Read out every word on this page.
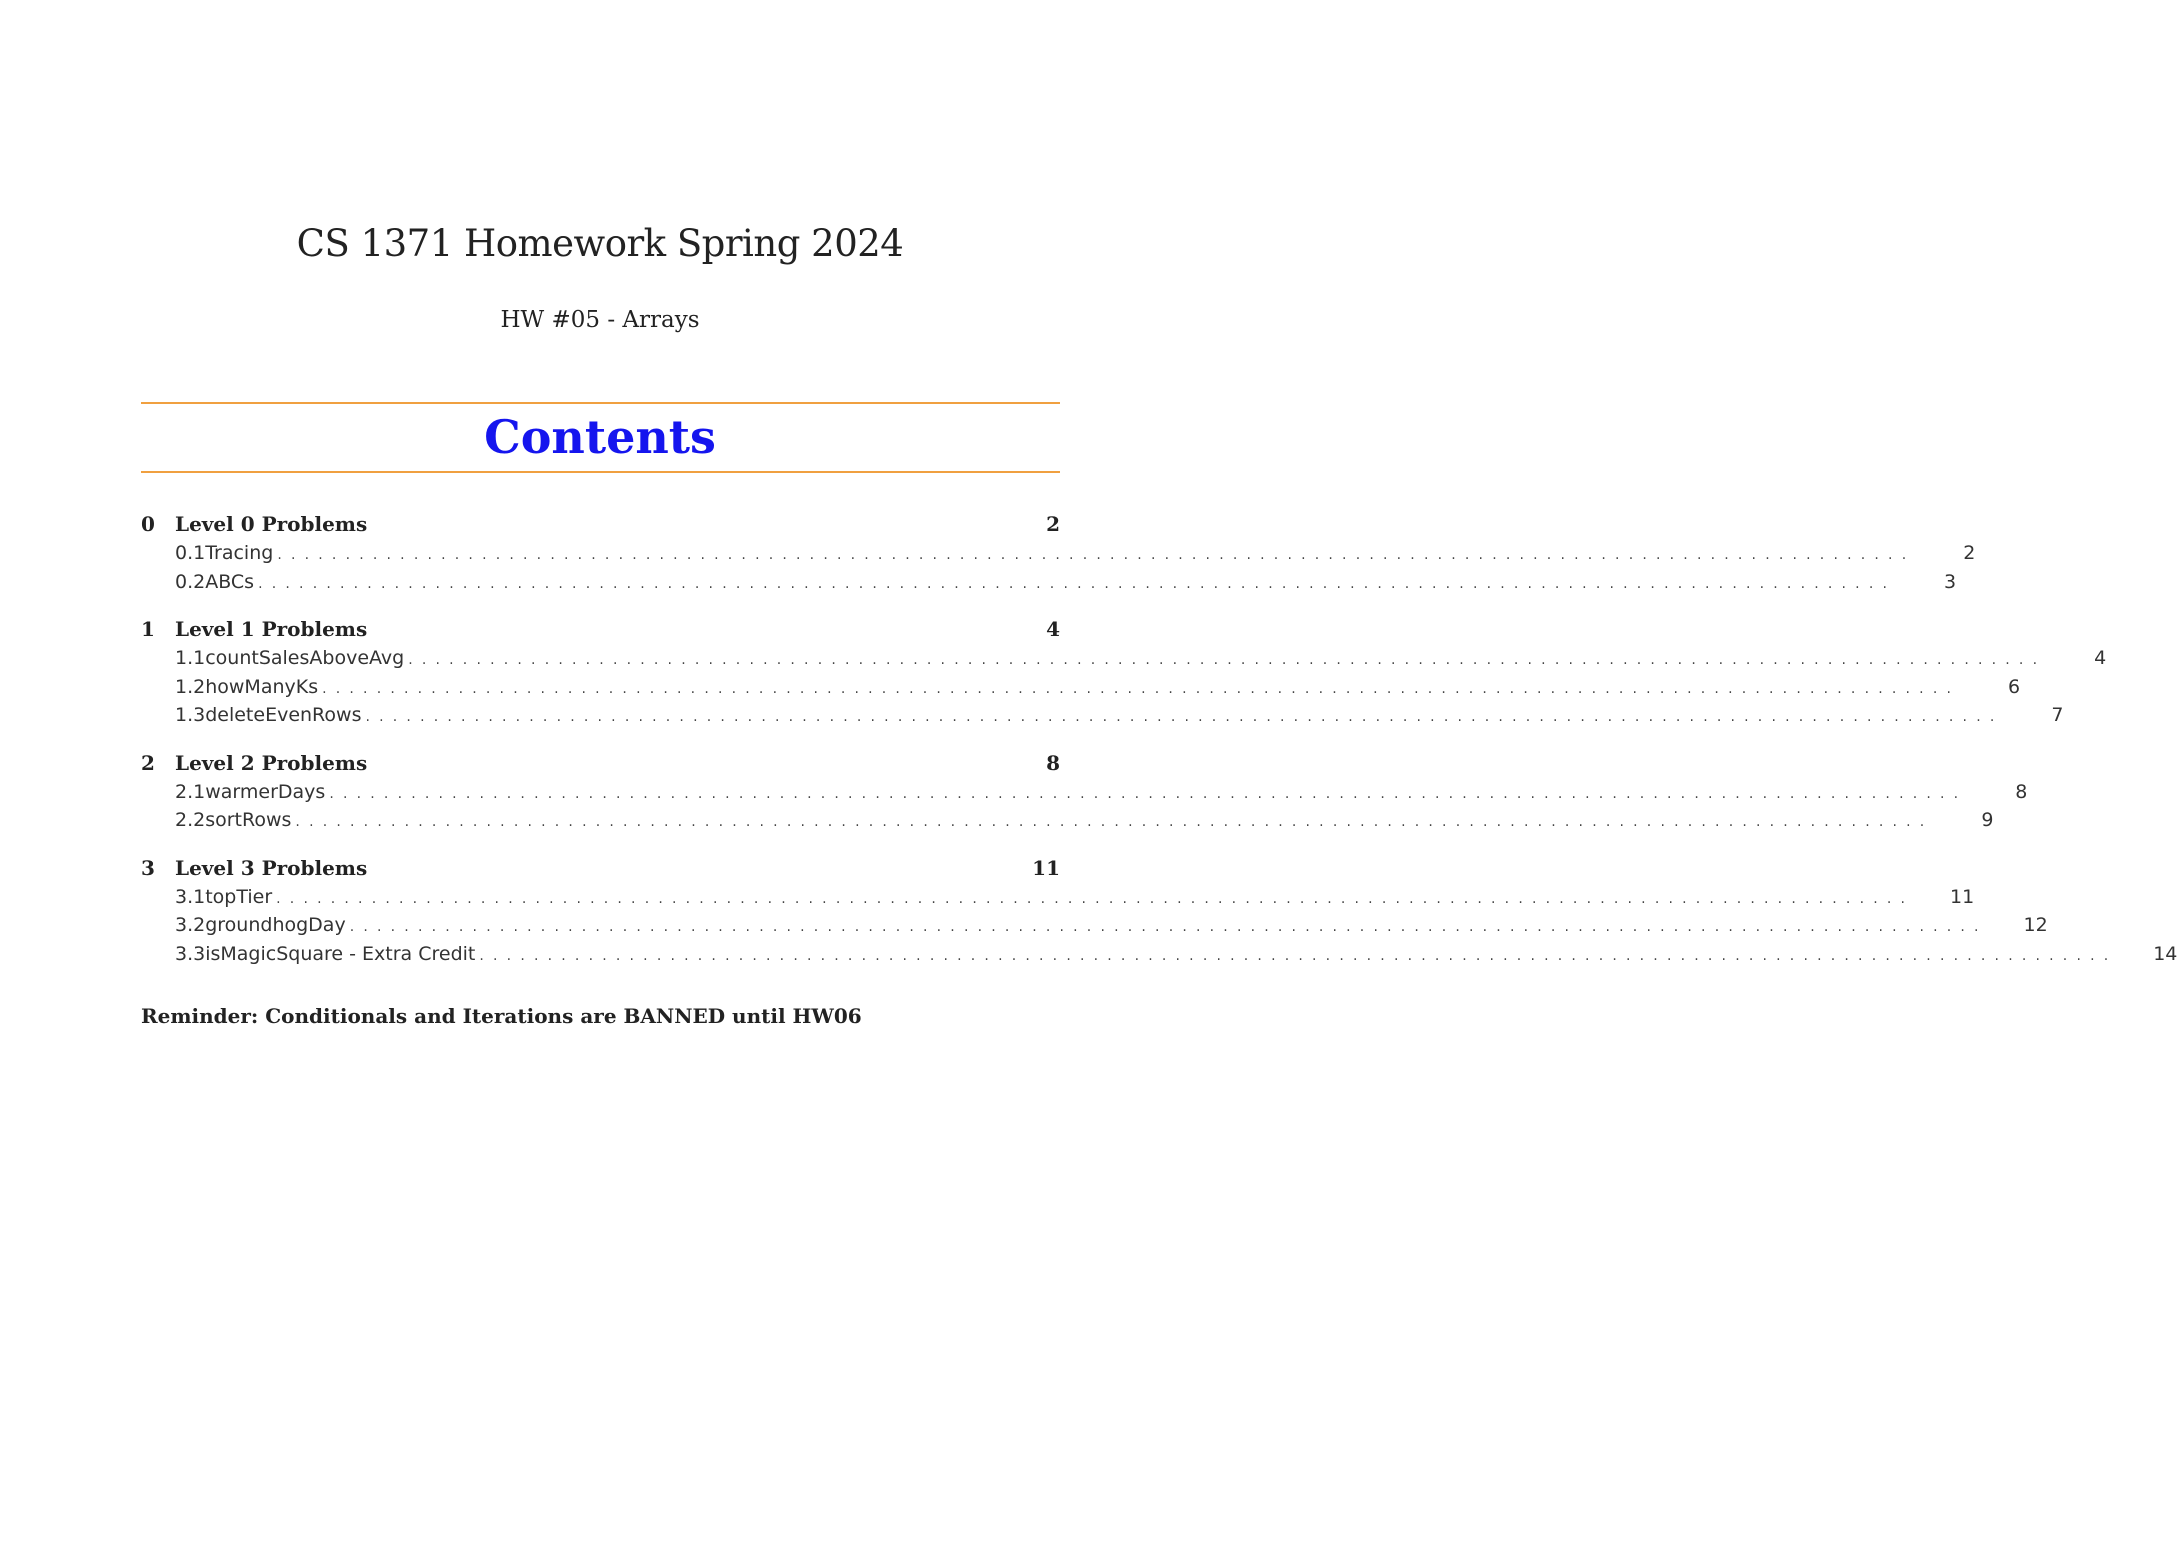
CS 1371 Homework Spring 2024
HW #05 - Arrays
Contents
0	Level 0 Problems	2
0.1 Tracing ........................................................................................................................	2
0.2 ABCs ........................................................................................................................	3
1	Level 1 Problems	4
1.1 countSalesAboveAvg ........................................................................................................................	4
1.2 howManyKs ........................................................................................................................	6
1.3 deleteEvenRows ........................................................................................................................	7
2	Level 2 Problems	8
2.1 warmerDays ........................................................................................................................	8
2.2 sortRows ........................................................................................................................	9
3	Level 3 Problems	11
3.1 topTier ........................................................................................................................	11
3.2 groundhogDay ........................................................................................................................	12
3.3 isMagicSquare - Extra Credit ........................................................................................................................	14
Reminder: Conditionals and Iterations are BANNED until HW06
